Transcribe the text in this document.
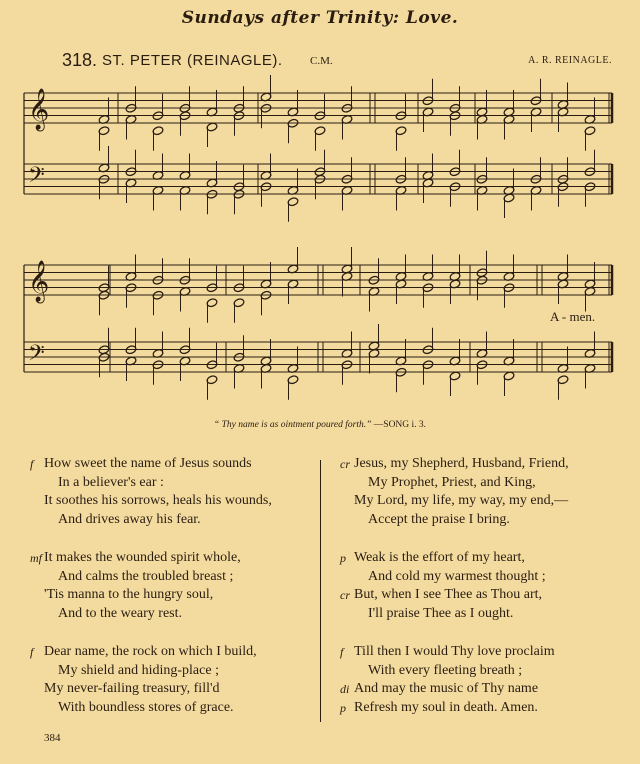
Sundays after Trinity: Love.
318. ST. PETER (REINAGLE). C.M.	A. R. REINAGLE.
𝄞
𝄢
𝄞
𝄢
A - men.
“ Thy name is as ointment poured forth.” —SONG i. 3.
f How sweet the name of Jesus sounds
In a believer's ear :
It soothes his sorrows, heals his wounds,
And drives away his fear.
mf It makes the wounded spirit whole,
And calms the troubled breast ;
'Tis manna to the hungry soul,
And to the weary rest.
f Dear name, the rock on which I build,
My shield and hiding-place ;
My never-failing treasury, fill'd
With boundless stores of grace.
cr Jesus, my Shepherd, Husband, Friend,
My Prophet, Priest, and King,
My Lord, my life, my way, my end,—
Accept the praise I bring.
p Weak is the effort of my heart,
And cold my warmest thought ;
cr But, when I see Thee as Thou art,
I'll praise Thee as I ought.
f Till then I would Thy love proclaim
With every fleeting breath ;
di And may the music of Thy name
p Refresh my soul in death. Amen.
384
